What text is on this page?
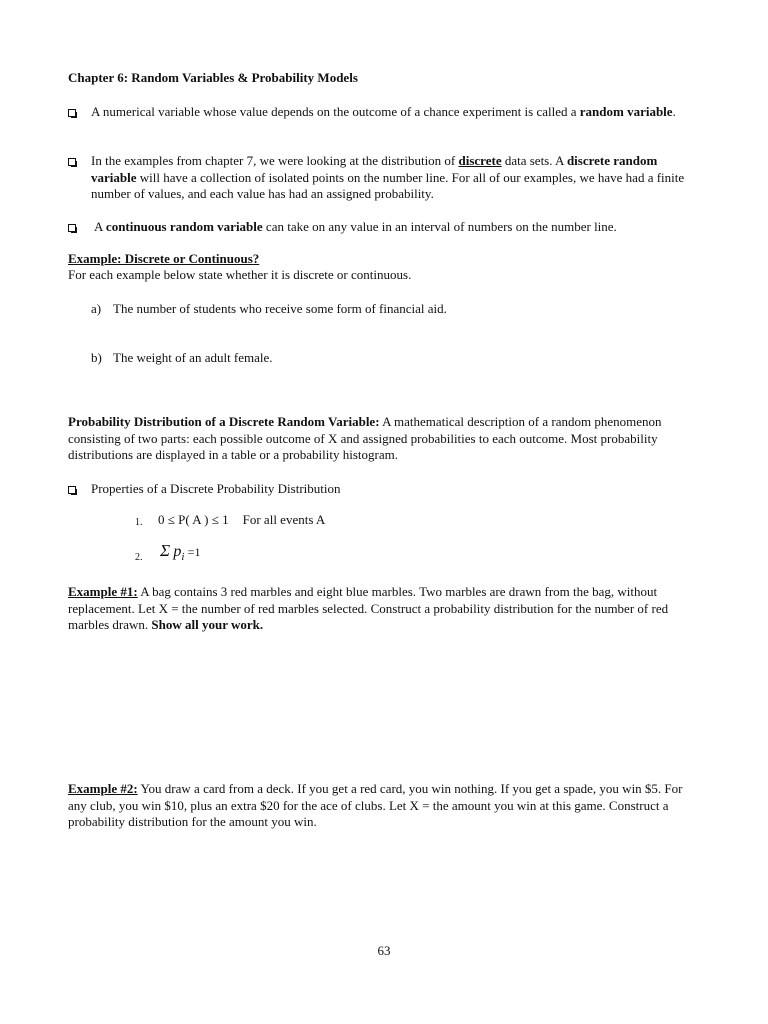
Chapter 6: Random Variables & Probability Models

A numerical variable whose value depends on the outcome of a chance experiment is called a random variable.

In the examples from chapter 7, we were looking at the distribution of discrete data sets. A discrete random variable will have a collection of isolated points on the number line. For all of our examples, we have had a finite number of values, and each value has had an assigned probability.

A continuous random variable can take on any value in an interval of numbers on the number line.

Example: Discrete or Continuous?

For each example below state whether it is discrete or continuous.

a) The number of students who receive some form of financial aid.

b) The weight of an adult female.

Probability Distribution of a Discrete Random Variable: A mathematical description of a random phenomenon consisting of two parts: each possible outcome of X and assigned probabilities to each outcome. Most probability distributions are displayed in a table or a probability histogram.

Properties of a Discrete Probability Distribution

1. 0 ≤ P( A ) ≤ 1 For all events A

2. Σ $p_i =1$

Example #1: A bag contains 3 red marbles and eight blue marbles. Two marbles are drawn from the bag, without replacement. Let X = the number of red marbles selected. Construct a probability distribution for the number of red marbles drawn. Show all your work.

Example #2: You draw a card from a deck. If you get a red card, you win nothing. If you get a spade, you win $5. For any club, you win $10, plus an extra $20 for the ace of clubs. Let X = the amount you win at this game. Construct a probability distribution for the amount you win.

63
